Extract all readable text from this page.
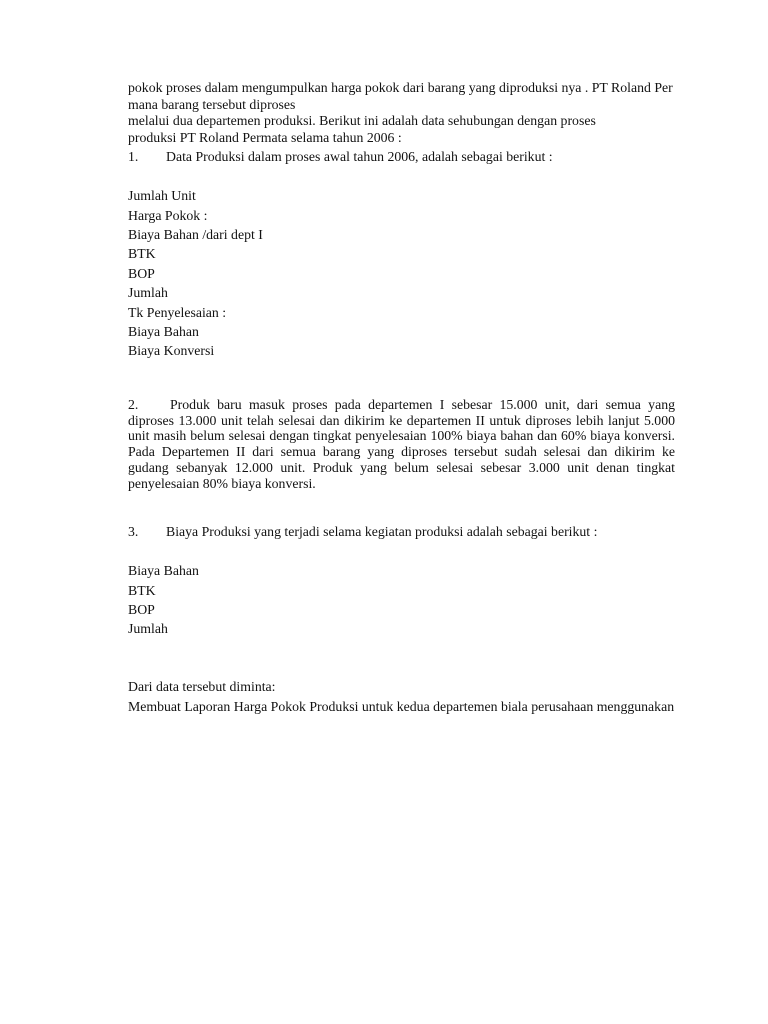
pokok proses dalam mengumpulkan harga pokok dari barang yang diproduksi nya . PT Roland Per
mana barang tersebut diproses
melalui dua departemen produksi. Berikut ini adalah data sehubungan dengan proses
produksi PT Roland Permata selama tahun 2006 :
1. Data Produksi dalam proses awal tahun 2006, adalah sebagai berikut :
Jumlah Unit
Harga Pokok :
Biaya Bahan /dari dept I
BTK
BOP
Jumlah
Tk Penyelesaian :
Biaya Bahan
Biaya Konversi
2. Produk baru masuk proses pada departemen I sebesar 15.000 unit, dari semua yang
diproses 13.000 unit telah selesai dan dikirim ke departemen II untuk diproses lebih lanjut 5.000
unit masih belum selesai dengan tingkat penyelesaian 100% biaya bahan dan 60% biaya konversi.
Pada Departemen II dari semua barang yang diproses tersebut sudah selesai dan dikirim ke
gudang sebanyak 12.000 unit. Produk yang belum selesai sebesar 3.000 unit denan tingkat
penyelesaian 80% biaya konversi.
3. Biaya Produksi yang terjadi selama kegiatan produksi adalah sebagai berikut :
Biaya Bahan
BTK
BOP
Jumlah
Dari data tersebut diminta:
Membuat Laporan Harga Pokok Produksi untuk kedua departemen biala perusahaan menggunakan
